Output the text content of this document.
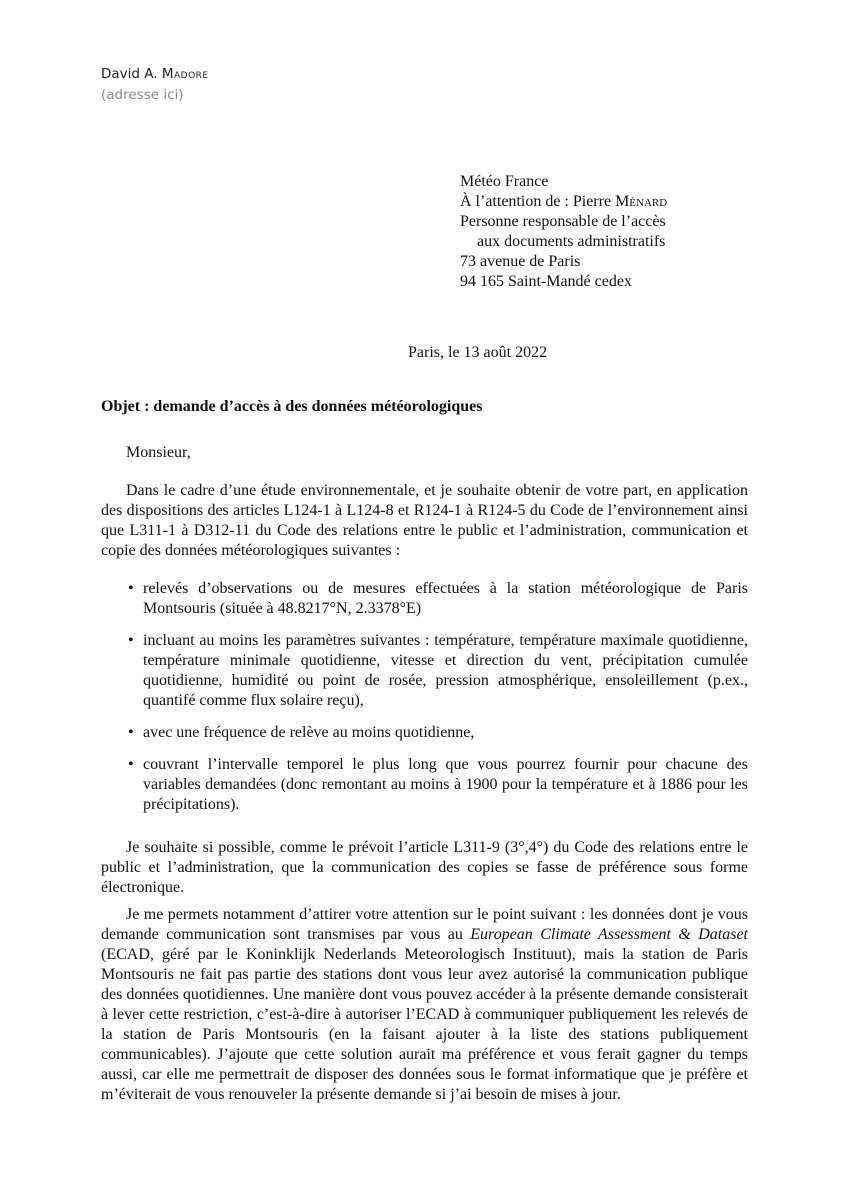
David A. Madore
(adresse ici)
Météo France
À l’attention de : Pierre Ménard
Personne responsable de l’accès
aux documents administratifs
73 avenue de Paris
94 165 Saint-Mandé cedex
Paris, le 13 août 2022
Objet : demande d’accès à des données météorologiques

Monsieur,

Dans le cadre d’une étude environnementale, et je souhaite obtenir de votre part, en application des dispositions des articles L124-1 à L124-8 et R124-1 à R124-5 du Code de l’environnement ainsi que L311-1 à D312-11 du Code des relations entre le public et l’administration, communication et copie des données météorologiques suivantes :

• relevés d’observations ou de mesures effectuées à la station météorologique de Paris Montsouris (située à 48.8217°N, 2.3378°E)
• incluant au moins les paramètres suivantes : température, température maximale quotidienne, température minimale quotidienne, vitesse et direction du vent, précipitation cumulée quotidienne, humidité ou point de rosée, pression atmosphérique, ensoleillement (p.ex., quantifé comme flux solaire reçu),
• avec une fréquence de relève au moins quotidienne,
• couvrant l’intervalle temporel le plus long que vous pourrez fournir pour chacune des variables demandées (donc remontant au moins à 1900 pour la température et à 1886 pour les précipitations).

Je souhaite si possible, comme le prévoit l’article L311-9 (3°,4°) du Code des relations entre le public et l’administration, que la communication des copies se fasse de préférence sous forme électronique.

Je me permets notamment d’attirer votre attention sur le point suivant : les données dont je vous demande communication sont transmises par vous au European Climate Assessment & Dataset (ECAD, géré par le Koninklijk Nederlands Meteorologisch Instituut), mais la station de Paris Montsouris ne fait pas partie des stations dont vous leur avez autorisé la communication publique des données quotidiennes. Une manière dont vous pouvez accéder à la présente demande consisterait à lever cette restriction, c’est-à-dire à autoriser l’ECAD à communiquer publiquement les relevés de la station de Paris Montsouris (en la faisant ajouter à la liste des stations publiquement communicables). J’ajoute que cette solution aurait ma préférence et vous ferait gagner du temps aussi, car elle me permettrait de disposer des données sous le format informatique que je préfère et m’éviterait de vous renouveler la présente demande si j’ai besoin de mises à jour.
